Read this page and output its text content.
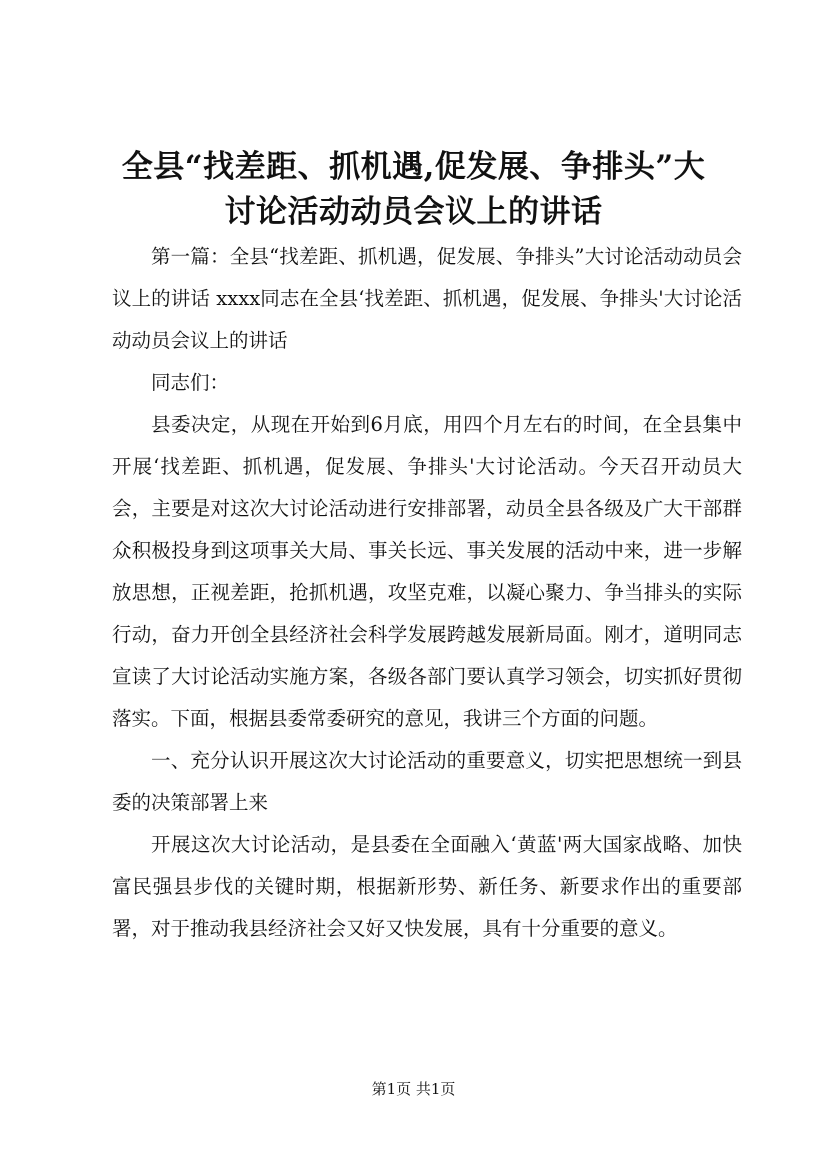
全县“找差距、抓机遇,促发展、争排头”大
讨论活动动员会议上的讲话

第一篇：全县“找差距、抓机遇，促发展、争排头”大讨论活动动员会议上的讲话 xxxx同志在全县‘找差距、抓机遇，促发展、争排头'大讨论活动动员会议上的讲话

同志们：

县委决定，从现在开始到6月底，用四个月左右的时间，在全县集中开展‘找差距、抓机遇，促发展、争排头'大讨论活动。今天召开动员大会，主要是对这次大讨论活动进行安排部署，动员全县各级及广大干部群众积极投身到这项事关大局、事关长远、事关发展的活动中来，进一步解放思想，正视差距，抢抓机遇，攻坚克难，以凝心聚力、争当排头的实际行动，奋力开创全县经济社会科学发展跨越发展新局面。刚才，道明同志宣读了大讨论活动实施方案，各级各部门要认真学习领会，切实抓好贯彻落实。下面，根据县委常委研究的意见，我讲三个方面的问题。

一、充分认识开展这次大讨论活动的重要意义，切实把思想统一到县委的决策部署上来

开展这次大讨论活动，是县委在全面融入‘黄蓝'两大国家战略、加快富民强县步伐的关键时期，根据新形势、新任务、新要求作出的重要部署，对于推动我县经济社会又好又快发展，具有十分重要的意义。

第1页 共1页
